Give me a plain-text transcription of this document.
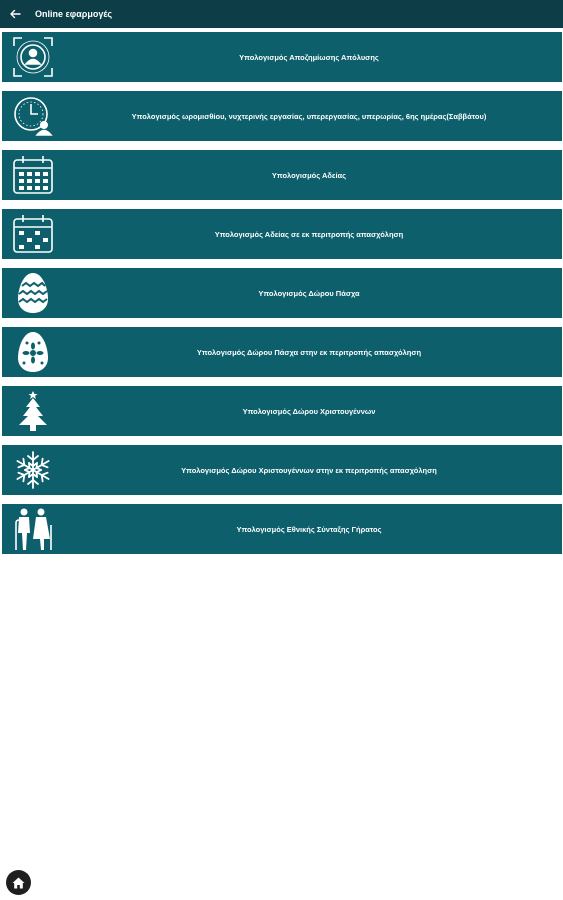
Online εφαρμογές
Υπολογισμός Αποζημίωσης Απόλυσης
Υπολογισμός ωρομισθίου, νυχτερινής εργασίας, υπερεργασίας, υπερωρίας, 6ης ημέρας(Σαββάτου)
Υπολογισμός Αδείας
Υπολογισμός Αδείας σε εκ περιτροπής απασχόληση
Υπολογισμός Δώρου Πάσχα
Υπολογισμός Δώρου Πάσχα στην εκ περιτροπής απασχόληση
Υπολογισμός Δώρου Χριστουγέννων
Υπολογισμός Δώρου Χριστουγέννων στην εκ περιτροπής απασχόληση
Υπολογισμός Εθνικής Σύνταξης Γήρατος
